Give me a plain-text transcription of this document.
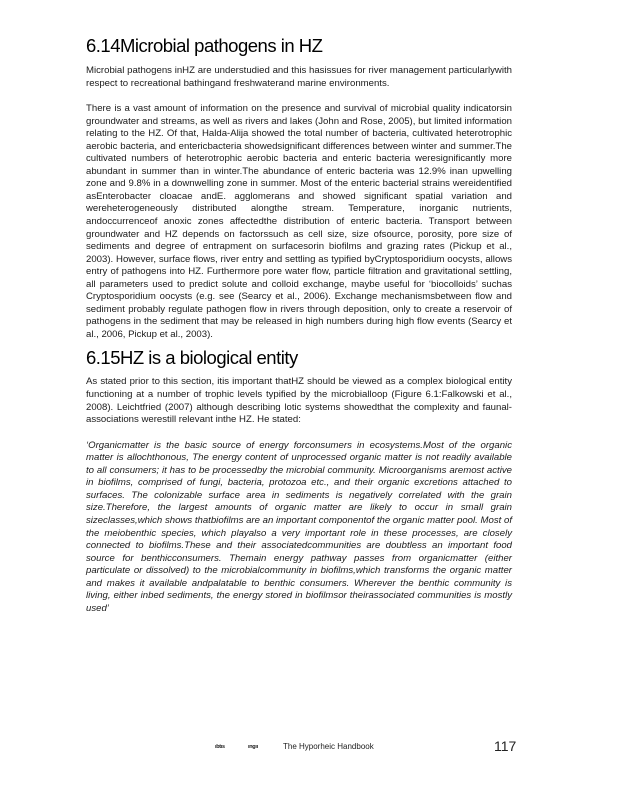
6.14Microbial pathogens in HZ

Microbial pathogens inHZ are understudied and this hasissues for river management particularlywith respect to recreational bathingand freshwaterand marine environments.

There is a vast amount of information on the presence and survival of microbial quality indicatorsin groundwater and streams, as well as rivers and lakes (John and Rose, 2005), but limited information relating to the HZ. Of that, Halda-Alija showed the total number of bacteria, cultivated heterotrophic aerobic bacteria, and entericbacteria showedsignificant differences between winter and summer.The cultivated numbers of heterotrophic aerobic bacteria and enteric bacteria weresignificantly more abundant in summer than in winter.The abundance of enteric bacteria was 12.9% inan upwelling zone and 9.8% in a downwelling zone in summer. Most of the enteric bacterial strains wereidentified asEnterobacter cloacae andE. agglomerans and showed significant spatial variation and wereheterogeneously distributed alongthe stream. Temperature, inorganic nutrients, andoccurrenceof anoxic zones affectedthe distribution of enteric bacteria. Transport between groundwater and HZ depends on factorssuch as cell size, size ofsource, porosity, pore size of sediments and degree of entrapment on surfacesorin biofilms and grazing rates (Pickup et al., 2003). However, surface flows, river entry and settling as typified byCryptosporidium oocysts, allows entry of pathogens into HZ. Furthermore pore water flow, particle filtration and gravitational settling, all parameters used to predict solute and colloid exchange, maybe useful for ‘biocolloids’ suchas Cryptosporidium oocysts (e.g. see (Searcy et al., 2006). Exchange mechanismsbetween flow and sediment probably regulate pathogen flow in rivers through deposition, only to create a reservoir of pathogens in the sediment that may be released in high numbers during high flow events (Searcy et al., 2006, Pickup et al., 2003).

6.15HZ is a biological entity

As stated prior to this section, itis important thatHZ should be viewed as a complex biological entity functioning at a number of trophic levels typified by the microbialloop (Figure 6.1:Falkowski et al., 2008). Leichtfried (2007) although describing lotic systems showedthat the complexity and faunal-associations werestill relevant inthe HZ. He stated:

‘Organicmatter is the basic source of energy forconsumers in ecosystems.Most of the organic matter is allochthonous, The energy content of unprocessed organic matter is not readily available to all consumers; it has to be processedby the microbial community. Microorganisms aremost active in biofilms, comprised of fungi, bacteria, protozoa etc., and their organic excretions attached to surfaces. The colonizable surface area in sediments is negatively correlated with the grain size.Therefore, the largest amounts of organic matter are likely to occur in small grain sizeclasses,which shows thatbiofilms are an important componentof the organic matter pool. Most of the meiobenthic species, which playalso a very important role in these processes, are closely connected to biofilms.These and their associatedcommunities are doubtless an important food source for benthicconsumers. Themain energy pathway passes from organicmatter (either particulate or dissolved) to the microbialcommunity in biofilms,which transforms the organic matter and makes it available andpalatable to benthic consumers. Wherever the benthic community is living, either inbed sediments, the energy stored in biofilmsor theirassociated communities is mostly used’

ıbtıs	ıngıı	The Hyporheic Handbook	117
